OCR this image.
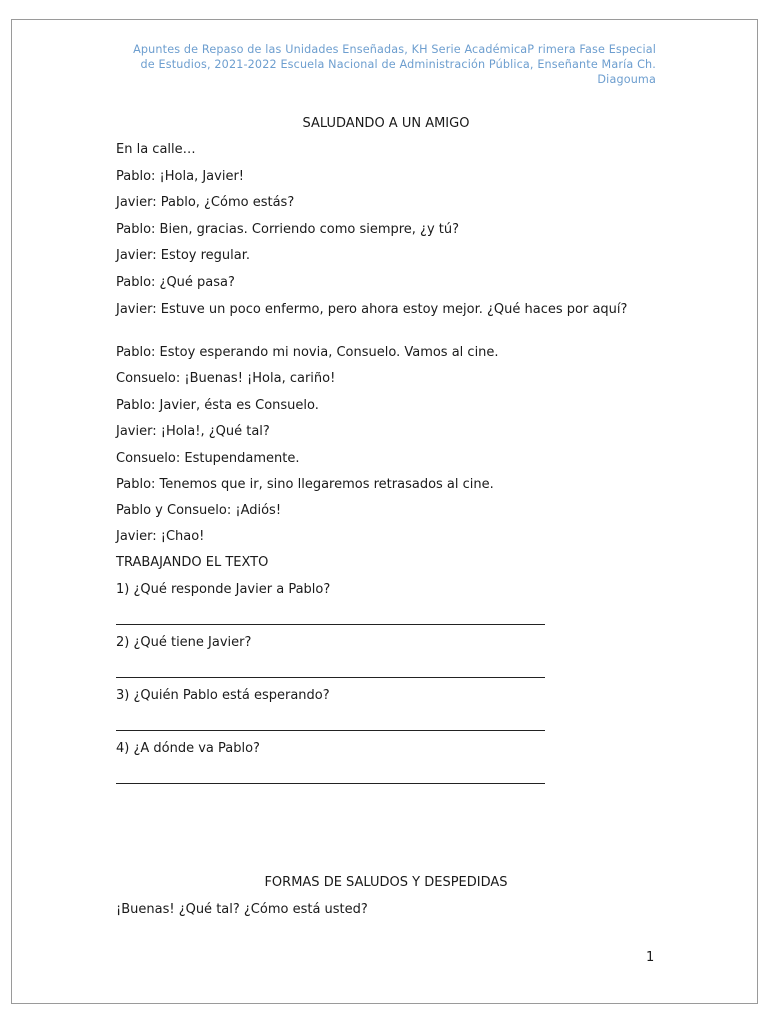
Apuntes de Repaso de las Unidades Enseñadas, KH Serie AcadémicaP rimera Fase Especial de Estudios, 2021-2022 Escuela Nacional de Administración Pública, Enseñante María Ch. Diagouma
SALUDANDO A UN AMIGO
En la calle…
Pablo: ¡Hola, Javier!
Javier: Pablo, ¿Cómo estás?
Pablo: Bien, gracias. Corriendo como siempre, ¿y tú?
Javier: Estoy regular.
Pablo: ¿Qué pasa?
Javier: Estuve un poco enfermo, pero ahora estoy mejor. ¿Qué haces por aquí?
Pablo: Estoy esperando mi novia, Consuelo. Vamos al cine.
Consuelo: ¡Buenas! ¡Hola, cariño!
Pablo: Javier, ésta es Consuelo.
Javier: ¡Hola!, ¿Qué tal?
Consuelo: Estupendamente.
Pablo: Tenemos que ir, sino llegaremos retrasados al cine.
Pablo y Consuelo: ¡Adiós!
Javier: ¡Chao!
TRABAJANDO EL TEXTO
1) ¿Qué responde Javier a Pablo?
2) ¿Qué tiene Javier?
3) ¿Quién Pablo está esperando?
4) ¿A dónde va Pablo?
FORMAS DE SALUDOS Y DESPEDIDAS
¡Buenas! ¿Qué tal? ¿Cómo está usted?
1
